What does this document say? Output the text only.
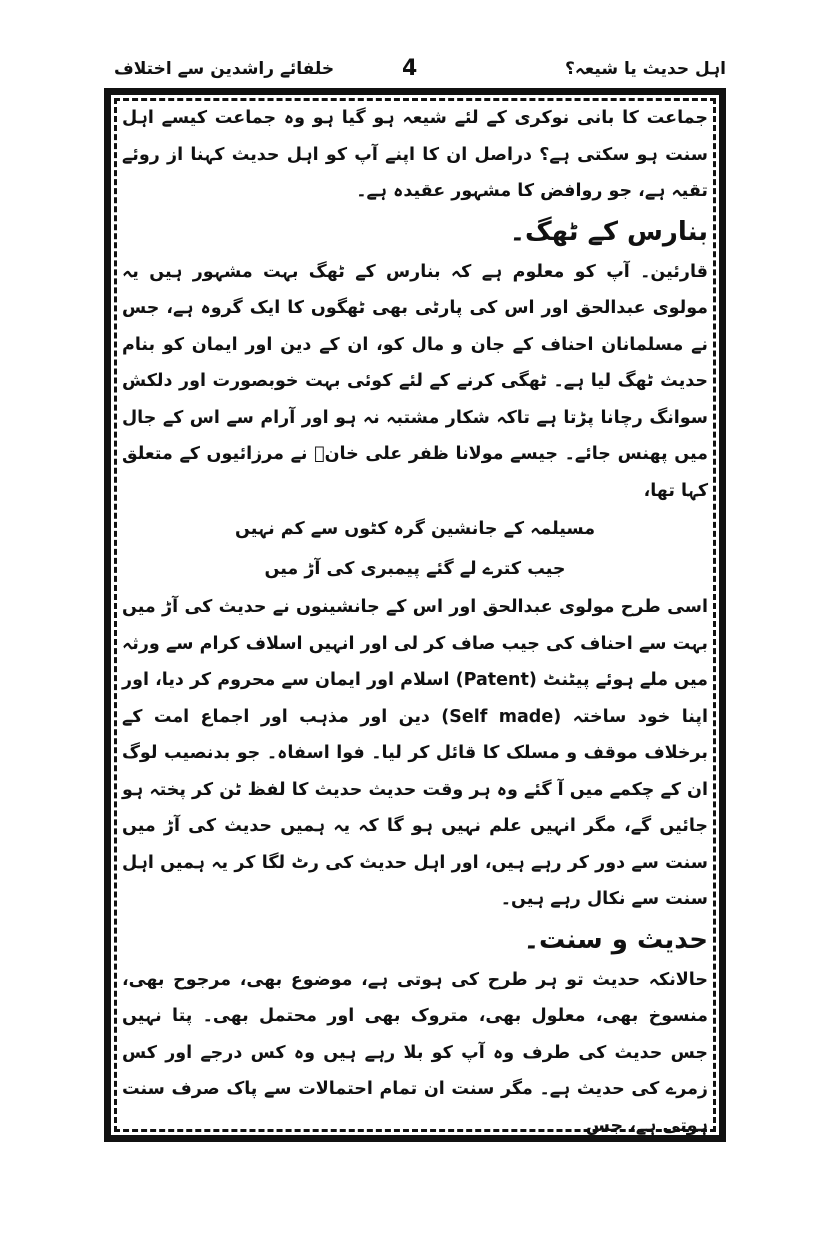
خلفائے راشدین سے اختلاف	4	اہل حدیث یا شیعہ؟

جماعت کا بانی نوکری کے لئے شیعہ ہو گیا ہو وہ جماعت کیسے اہل سنت ہو سکتی ہے؟ دراصل ان کا اپنے آپ کو اہل حدیث کہنا از روئے تقیہ ہے، جو روافض کا مشہور عقیدہ ہے۔

بنارس کے ٹھگ۔

قارئین۔ آپ کو معلوم ہے کہ بنارس کے ٹھگ بہت مشہور ہیں یہ مولوی عبدالحق اور اس کی پارٹی بھی ٹھگوں کا ایک گروہ ہے، جس نے مسلمانان احناف کے جان و مال کو، ان کے دین اور ایمان کو بنام حدیث ٹھگ لیا ہے۔ ٹھگی کرنے کے لئے کوئی بہت خوبصورت اور دلکش سوانگ رچانا پڑتا ہے تاکہ شکار مشتبہ نہ ہو اور آرام سے اس کے جال میں پھنس جائے۔ جیسے مولانا ظفر علی خانؒ نے مرزائیوں کے متعلق کہا تھا،

مسیلمہ کے جانشین گرہ کٹوں سے کم نہیں

جیب کترے لے گئے پیمبری کی آڑ میں

اسی طرح مولوی عبدالحق اور اس کے جانشینوں نے حدیث کی آڑ میں بہت سے احناف کی جیب صاف کر لی اور انہیں اسلاف کرام سے ورثہ میں ملے ہوئے پیٹنٹ (Patent) اسلام اور ایمان سے محروم کر دیا، اور اپنا خود ساختہ (Self made) دین اور مذہب اور اجماع امت کے برخلاف موقف و مسلک کا قائل کر لیا۔ فوا اسفاہ۔ جو بدنصیب لوگ ان کے چکمے میں آ گئے وہ ہر وقت حدیث حدیث کا لفظ ٹن کر پختہ ہو جائیں گے، مگر انہیں علم نہیں ہو گا کہ یہ ہمیں حدیث کی آڑ میں سنت سے دور کر رہے ہیں، اور اہل حدیث کی رٹ لگا کر یہ ہمیں اہل سنت سے نکال رہے ہیں۔

حدیث و سنت۔

حالانکہ حدیث تو ہر طرح کی ہوتی ہے، موضوع بھی، مرجوح بھی، منسوخ بھی، معلول بھی، متروک بھی اور محتمل بھی۔ پتا نہیں جس حدیث کی طرف وہ آپ کو بلا رہے ہیں وہ کس درجے اور کس زمرے کی حدیث ہے۔ مگر سنت ان تمام احتمالات سے پاک صرف سنت ہوتی ہے، جس
